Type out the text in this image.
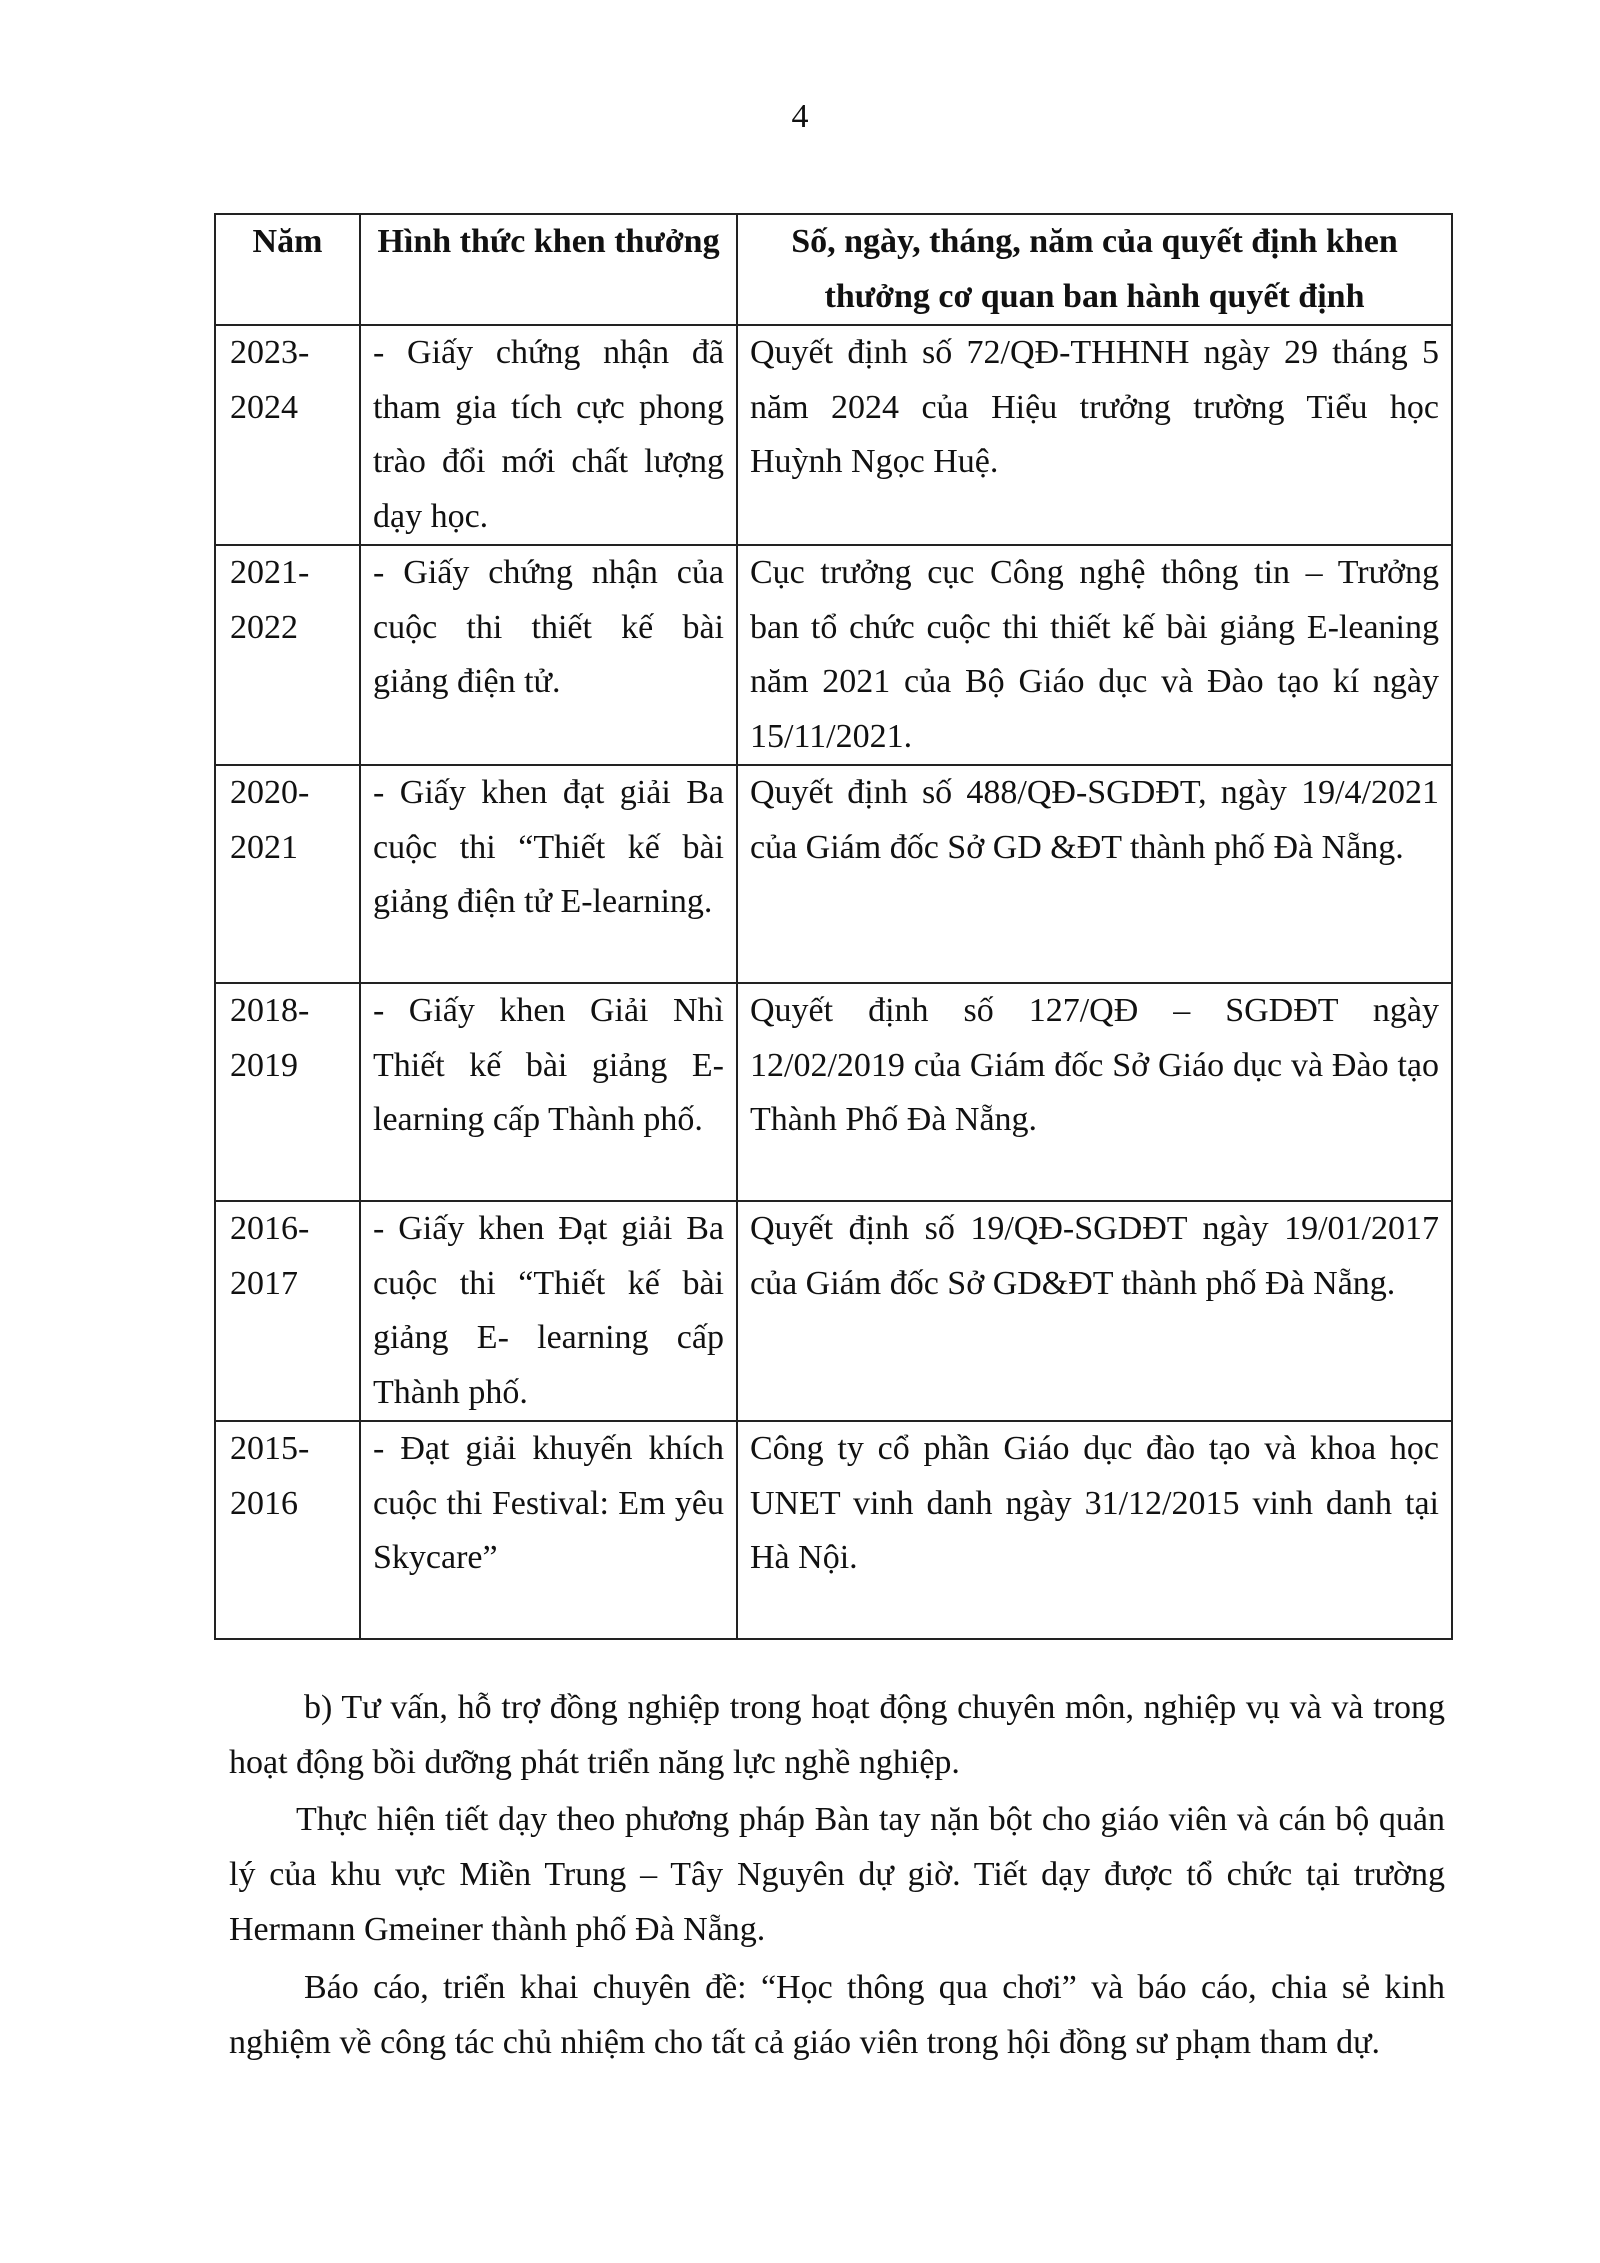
4
Năm	Hình thức khen thưởng	Số, ngày, tháng, năm của quyết định khen thưởng cơ quan ban hành quyết định
2023-2024	- Giấy chứng nhận đã tham gia tích cực phong trào đổi mới chất lượng dạy học.	Quyết định số 72/QĐ-THHNH ngày 29 tháng 5 năm 2024 của Hiệu trưởng trường Tiểu học Huỳnh Ngọc Huệ.
2021-2022	- Giấy chứng nhận của cuộc thi thiết kế bài giảng điện tử.	Cục trưởng cục Công nghệ thông tin – Trưởng ban tổ chức cuộc thi thiết kế bài giảng E-leaning năm 2021 của Bộ Giáo dục và Đào tạo kí ngày 15/11/2021.
2020-2021	- Giấy khen đạt giải Ba cuộc thi “Thiết kế bài giảng điện tử E-learning.	Quyết định số 488/QĐ-SGDĐT, ngày 19/4/2021 của Giám đốc Sở GD &ĐT thành phố Đà Nẵng.
2018-2019	- Giấy khen Giải Nhì Thiết kế bài giảng E-learning cấp Thành phố.	Quyết định số 127/QĐ – SGDĐT ngày 12/02/2019 của Giám đốc Sở Giáo dục và Đào tạo Thành Phố Đà Nẵng.
2016-2017	- Giấy khen Đạt giải Ba cuộc thi “Thiết kế bài giảng E- learning cấp Thành phố.	Quyết định số 19/QĐ-SGDĐT ngày 19/01/2017 của Giám đốc Sở GD&ĐT thành phố Đà Nẵng.
2015-2016	- Đạt giải khuyến khích cuộc thi Festival: Em yêu Skycare”	Công ty cổ phần Giáo dục đào tạo và khoa học UNET vinh danh ngày 31/12/2015 vinh danh tại Hà Nội.

b) Tư vấn, hỗ trợ đồng nghiệp trong hoạt động chuyên môn, nghiệp vụ và và trong hoạt động bồi dưỡng phát triển năng lực nghề nghiệp.

Thực hiện tiết dạy theo phương pháp Bàn tay nặn bột cho giáo viên và cán bộ quản lý của khu vực Miền Trung – Tây Nguyên dự giờ. Tiết dạy được tổ chức tại trường Hermann Gmeiner thành phố Đà Nẵng.

Báo cáo, triển khai chuyên đề: “Học thông qua chơi” và báo cáo, chia sẻ kinh nghiệm về công tác chủ nhiệm cho tất cả giáo viên trong hội đồng sư phạm tham dự.
